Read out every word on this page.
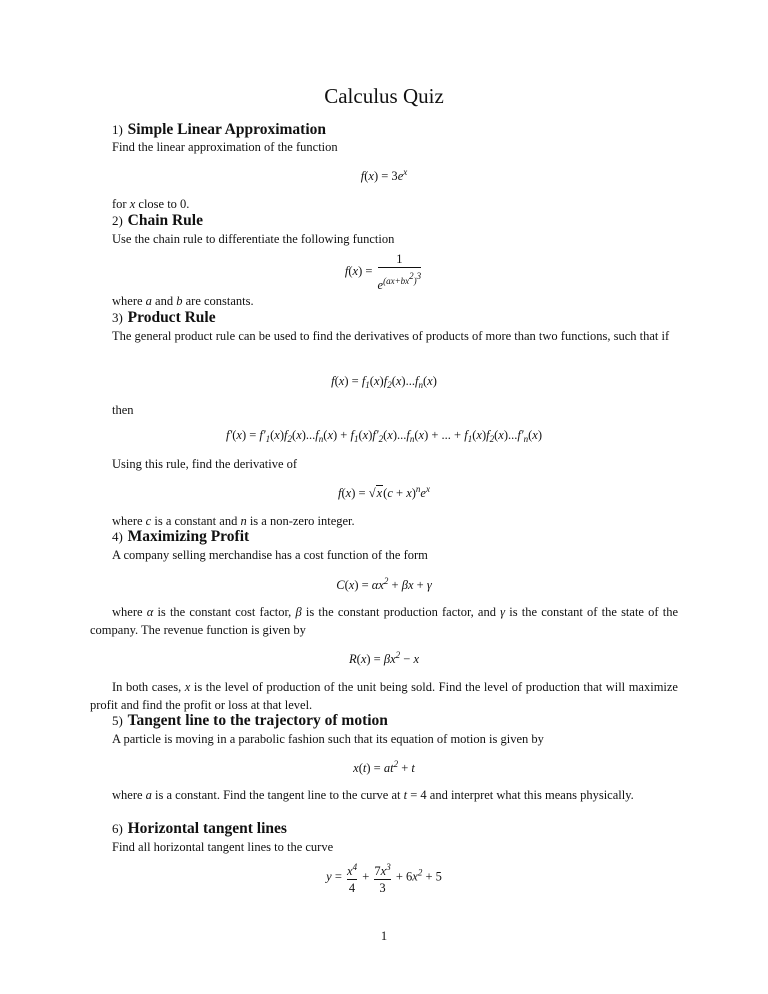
Calculus Quiz
1) Simple Linear Approximation
Find the linear approximation of the function
$f(x) = 3e^x$
for x close to 0.
2) Chain Rule
Use the chain rule to differentiate the following function
$f(x) = \frac{1}{e^{(ax+bx^2)^3}}$
where a and b are constants.
3) Product Rule
The general product rule can be used to find the derivatives of products of more than two functions, such that if
$f(x) = f_1(x)f_2(x)...f_n(x)$
then
$f'(x) = f'_1(x)f_2(x)...f_n(x) + f_1(x)f'_2(x)...f_n(x)$ + ... + $f_1(x)f_2(x)...f'_n(x)$
Using this rule, find the derivative of
$f(x) = √x(c + x)^ne^x$
where c is a constant and n is a non-zero integer.
4) Maximizing Profit
A company selling merchandise has a cost function of the form
$C(x) = \alpha x^2 + \beta x + \gamma$
where α is the constant cost factor, β is the constant production factor, and γ is the constant of the state of the company. The revenue function is given by
$R(x) = \beta x^2 - x$
In both cases, x is the level of production of the unit being sold. Find the level of production that will maximize profit and find the profit or loss at that level.
5) Tangent line to the trajectory of motion
A particle is moving in a parabolic fashion such that its equation of motion is given by
$x(t) = at^2 + t$
where a is a constant. Find the tangent line to the curve at t = 4 and interpret what this means physically.
6) Horizontal tangent lines
Find all horizontal tangent lines to the curve
$y = \frac{x^4}{4} + \frac{7x^3}{3} + 6x^2 + 5$
1
